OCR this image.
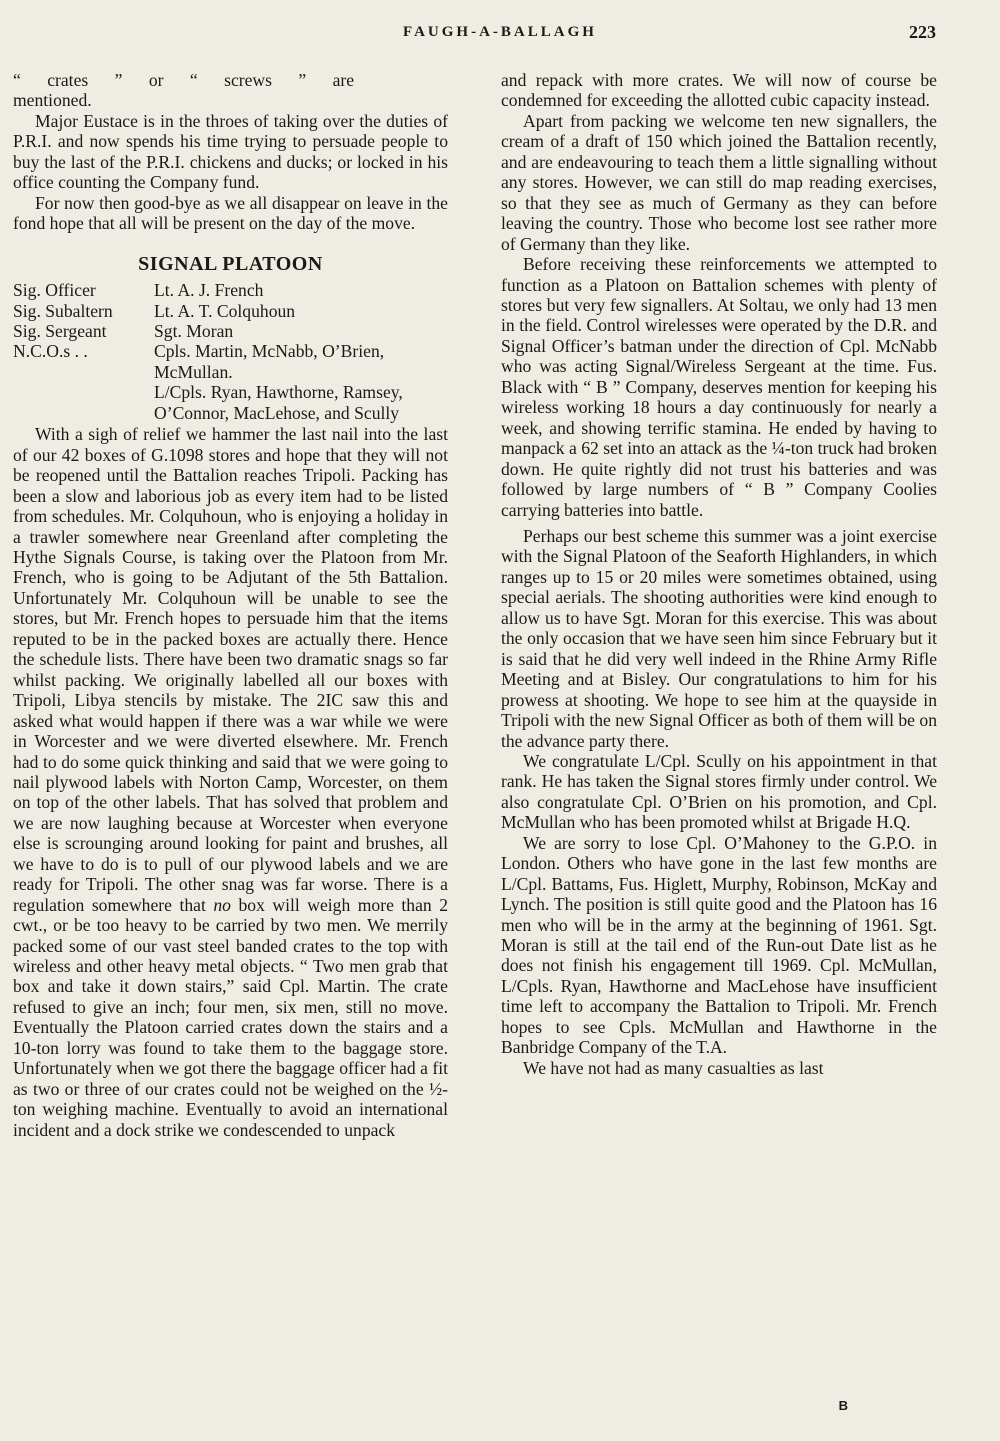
FAUGH-A-BALLAGH	223

“ crates ” or “ screws ” are mentioned.

Major Eustace is in the throes of taking over the duties of P.R.I. and now spends his time trying to persuade people to buy the last of the P.R.I. chickens and ducks; or locked in his office counting the Company fund.

For now then good-bye as we all disappear on leave in the fond hope that all will be present on the day of the move.

SIGNAL PLATOON
Sig. Officer	Lt. A. J. French
Sig. Subaltern	Lt. A. T. Colquhoun
Sig. Sergeant	Sgt. Moran
N.C.O.s . .	Cpls. Martin, McNabb, O’Brien, McMullan.
L/Cpls. Ryan, Hawthorne, Ramsey, O’Connor, MacLehose, and Scully

With a sigh of relief we hammer the last nail into the last of our 42 boxes of G.1098 stores and hope that they will not be reopened until the Battalion reaches Tripoli. Packing has been a slow and laborious job as every item had to be listed from schedules. Mr. Colquhoun, who is enjoying a holiday in a trawler somewhere near Greenland after completing the Hythe Signals Course, is taking over the Platoon from Mr. French, who is going to be Adjutant of the 5th Battalion. Unfortunately Mr. Colquhoun will be unable to see the stores, but Mr. French hopes to persuade him that the items reputed to be in the packed boxes are actually there. Hence the schedule lists. There have been two dramatic snags so far whilst packing. We originally labelled all our boxes with Tripoli, Libya stencils by mistake. The 2IC saw this and asked what would happen if there was a war while we were in Worcester and we were diverted elsewhere. Mr. French had to do some quick thinking and said that we were going to nail plywood labels with Norton Camp, Worcester, on them on top of the other labels. That has solved that problem and we are now laughing because at Worcester when everyone else is scrounging around looking for paint and brushes, all we have to do is to pull of our plywood labels and we are ready for Tripoli. The other snag was far worse. There is a regulation somewhere that no box will weigh more than 2 cwt., or be too heavy to be carried by two men. We merrily packed some of our vast steel banded crates to the top with wireless and other heavy metal objects. “ Two men grab that box and take it down stairs,” said Cpl. Martin. The crate refused to give an inch; four men, six men, still no move. Eventually the Platoon carried crates down the stairs and a 10-ton lorry was found to take them to the baggage store. Unfortunately when we got there the baggage officer had a fit as two or three of our crates could not be weighed on the ½-ton weighing machine. Eventually to avoid an international incident and a dock strike we condescended to unpack

and repack with more crates. We will now of course be condemned for exceeding the allotted cubic capacity instead.

Apart from packing we welcome ten new signallers, the cream of a draft of 150 which joined the Battalion recently, and are endeavouring to teach them a little signalling without any stores. However, we can still do map reading exercises, so that they see as much of Germany as they can before leaving the country. Those who become lost see rather more of Germany than they like.

Before receiving these reinforcements we attempted to function as a Platoon on Battalion schemes with plenty of stores but very few signallers. At Soltau, we only had 13 men in the field. Control wirelesses were operated by the D.R. and Signal Officer’s batman under the direction of Cpl. McNabb who was acting Signal/Wireless Sergeant at the time. Fus. Black with “ B ” Company, deserves mention for keeping his wireless working 18 hours a day continuously for nearly a week, and showing terrific stamina. He ended by having to manpack a 62 set into an attack as the ¼-ton truck had broken down. He quite rightly did not trust his batteries and was followed by large numbers of “ B ” Company Coolies carrying batteries into battle.

Perhaps our best scheme this summer was a joint exercise with the Signal Platoon of the Seaforth Highlanders, in which ranges up to 15 or 20 miles were sometimes obtained, using special aerials. The shooting authorities were kind enough to allow us to have Sgt. Moran for this exercise. This was about the only occasion that we have seen him since February but it is said that he did very well indeed in the Rhine Army Rifle Meeting and at Bisley. Our congratulations to him for his prowess at shooting. We hope to see him at the quayside in Tripoli with the new Signal Officer as both of them will be on the advance party there.

We congratulate L/Cpl. Scully on his appointment in that rank. He has taken the Signal stores firmly under control. We also congratulate Cpl. O’Brien on his promotion, and Cpl. McMullan who has been promoted whilst at Brigade H.Q.

We are sorry to lose Cpl. O’Mahoney to the G.P.O. in London. Others who have gone in the last few months are L/Cpl. Battams, Fus. Higlett, Murphy, Robinson, McKay and Lynch. The position is still quite good and the Platoon has 16 men who will be in the army at the beginning of 1961. Sgt. Moran is still at the tail end of the Run-out Date list as he does not finish his engagement till 1969. Cpl. McMullan, L/Cpls. Ryan, Hawthorne and MacLehose have insufficient time left to accompany the Battalion to Tripoli. Mr. French hopes to see Cpls. McMullan and Hawthorne in the Banbridge Company of the T.A.

We have not had as many casualties as last

B
